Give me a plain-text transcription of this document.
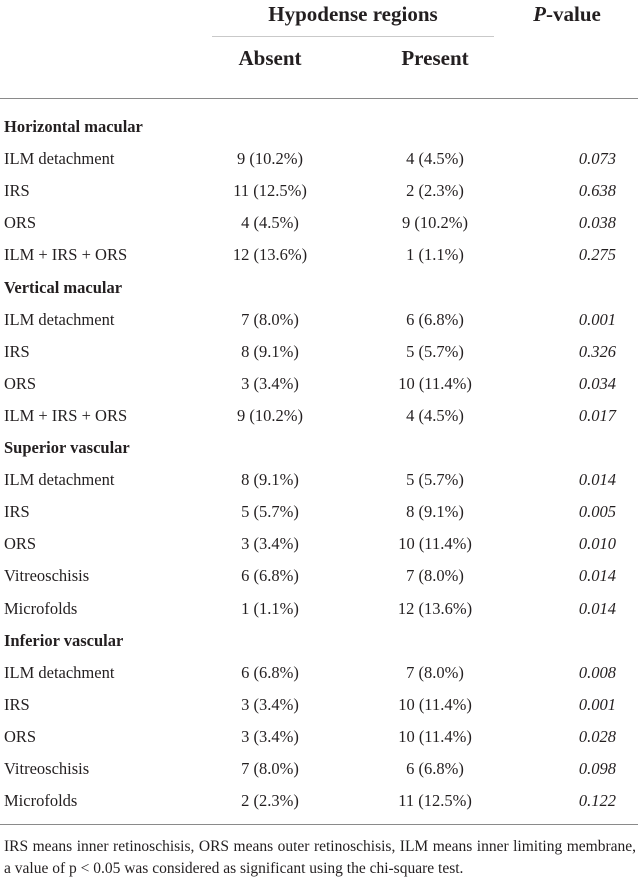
Hypodense regions	P-value
Absent	Present
Horizontal macular
ILM detachment	9 (10.2%)	4 (4.5%)	0.073
IRS	11 (12.5%)	2 (2.3%)	0.638
ORS	4 (4.5%)	9 (10.2%)	0.038
ILM + IRS + ORS	12 (13.6%)	1 (1.1%)	0.275
Vertical macular
ILM detachment	7 (8.0%)	6 (6.8%)	0.001
IRS	8 (9.1%)	5 (5.7%)	0.326
ORS	3 (3.4%)	10 (11.4%)	0.034
ILM + IRS + ORS	9 (10.2%)	4 (4.5%)	0.017
Superior vascular
ILM detachment	8 (9.1%)	5 (5.7%)	0.014
IRS	5 (5.7%)	8 (9.1%)	0.005
ORS	3 (3.4%)	10 (11.4%)	0.010
Vitreoschisis	6 (6.8%)	7 (8.0%)	0.014
Microfolds	1 (1.1%)	12 (13.6%)	0.014
Inferior vascular
ILM detachment	6 (6.8%)	7 (8.0%)	0.008
IRS	3 (3.4%)	10 (11.4%)	0.001
ORS	3 (3.4%)	10 (11.4%)	0.028
Vitreoschisis	7 (8.0%)	6 (6.8%)	0.098
Microfolds	2 (2.3%)	11 (12.5%)	0.122
IRS means inner retinoschisis, ORS means outer retinoschisis, ILM means inner limiting membrane, a value of p < 0.05 was considered as significant using the chi-square test.
